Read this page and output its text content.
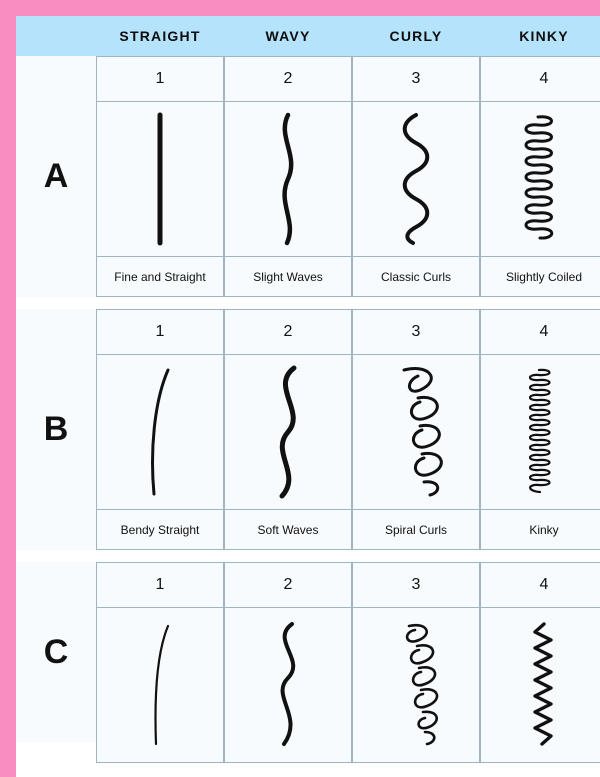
STRAIGHT	WAVY	CURLY	KINKY
A
1	2	3	4
Fine and Straight	Slight Waves	Classic Curls	Slightly Coiled
B
1	2	3	4
Bendy Straight	Soft Waves	Spiral Curls	Kinky
C
1	2	3	4
